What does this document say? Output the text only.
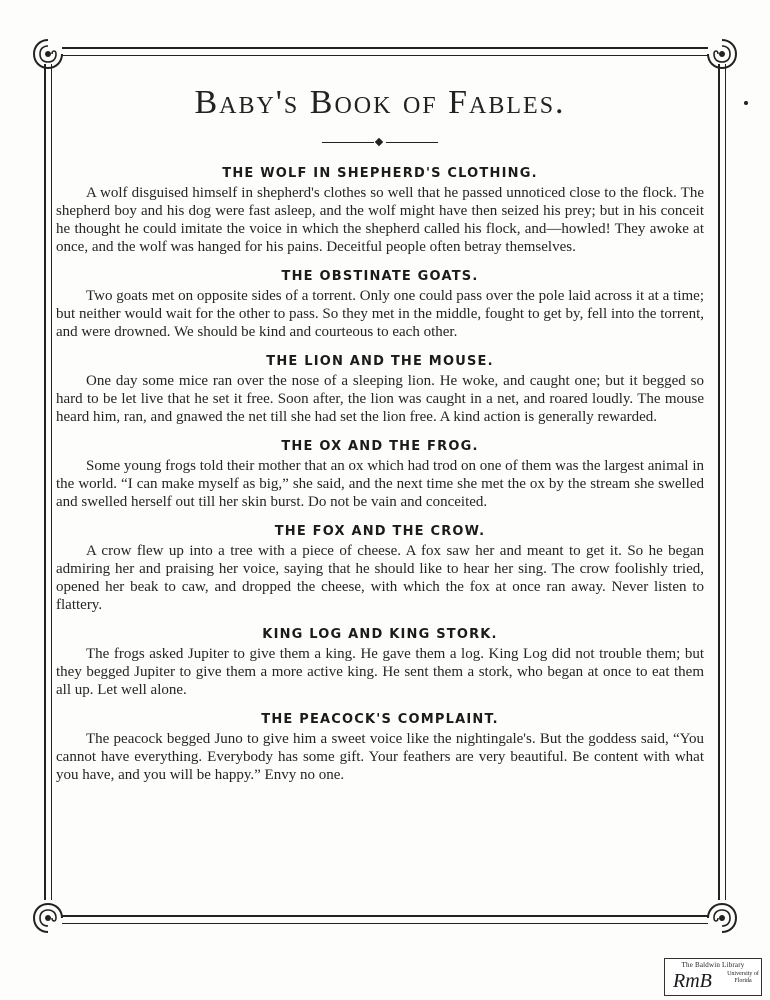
Baby's Book of Fables.
THE WOLF IN SHEPHERD'S CLOTHING.

A wolf disguised himself in shepherd's clothes so well that he passed unnoticed close to the flock. The shepherd boy and his dog were fast asleep, and the wolf might have then seized his prey; but in his conceit he thought he could imitate the voice in which the shepherd called his flock, and—howled! They awoke at once, and the wolf was hanged for his pains. Deceitful people often betray themselves.

THE OBSTINATE GOATS.

Two goats met on opposite sides of a torrent. Only one could pass over the pole laid across it at a time; but neither would wait for the other to pass. So they met in the middle, fought to get by, fell into the torrent, and were drowned. We should be kind and courteous to each other.

THE LION AND THE MOUSE.

One day some mice ran over the nose of a sleeping lion. He woke, and caught one; but it begged so hard to be let live that he set it free. Soon after, the lion was caught in a net, and roared loudly. The mouse heard him, ran, and gnawed the net till she had set the lion free. A kind action is generally rewarded.

THE OX AND THE FROG.

Some young frogs told their mother that an ox which had trod on one of them was the largest animal in the world. “I can make myself as big,” she said, and the next time she met the ox by the stream she swelled and swelled herself out till her skin burst. Do not be vain and conceited.

THE FOX AND THE CROW.

A crow flew up into a tree with a piece of cheese. A fox saw her and meant to get it. So he began admiring her and praising her voice, saying that he should like to hear her sing. The crow foolishly tried, opened her beak to caw, and dropped the cheese, with which the fox at once ran away. Never listen to flattery.

KING LOG AND KING STORK.

The frogs asked Jupiter to give them a king. He gave them a log. King Log did not trouble them; but they begged Jupiter to give them a more active king. He sent them a stork, who began at once to eat them all up. Let well alone.

THE PEACOCK'S COMPLAINT.

The peacock begged Juno to give him a sweet voice like the nightingale's. But the goddess said, “You cannot have everything. Everybody has some gift. Your feathers are very beautiful. Be content with what you have, and you will be happy.” Envy no one.

The Baldwin Library
RmB	University of Florida
